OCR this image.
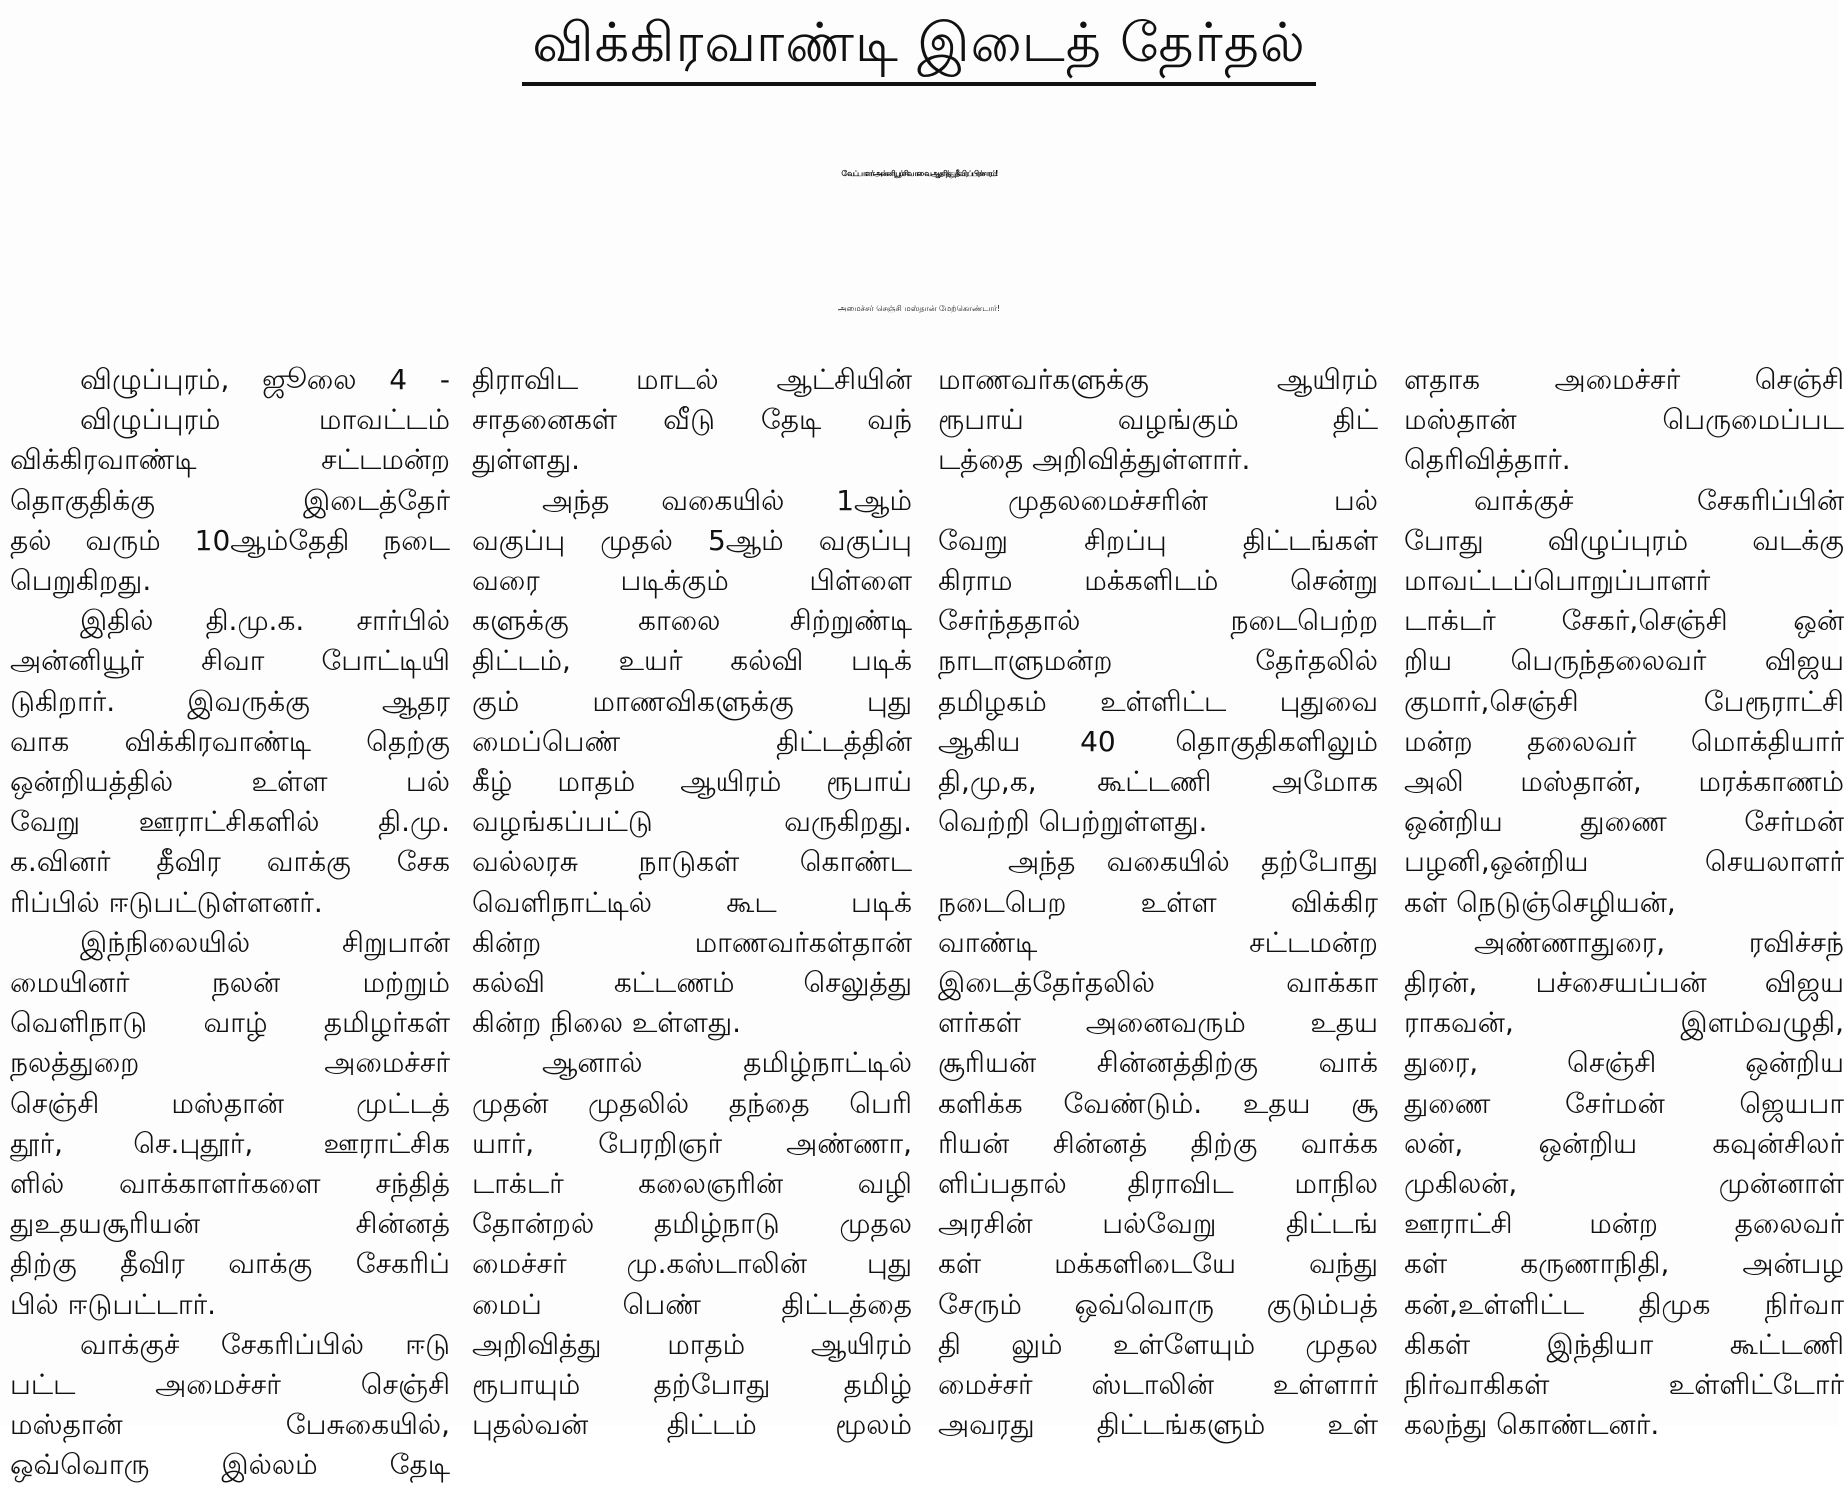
விக்கிரவாண்டி இடைத் தேர்தல்
வேட்பாளர் அன்னியூர் சிவாவை ஆதரித்து தீவிரப் பிரச்சாரம்!
அமைச்சர் செஞ்சி மஸ்தான் மேற்கொண்டார்!
விழுப்புரம், ஜூலை 4 -
விழுப்புரம் மாவட்டம்
விக்கிரவாண்டி சட்டமன்ற
தொகுதிக்கு இடைத்தேர்
தல் வரும் 10ஆம்தேதி நடை
பெறுகிறது.
இதில் தி.மு.க. சார்பில்
அன்னியூர் சிவா போட்டியி
டுகிறார். இவருக்கு ஆதர
வாக விக்கிரவாண்டி தெற்கு
ஒன்றியத்தில் உள்ள பல்
வேறு ஊராட்சிகளில் தி.மு.
க.வினர் தீவிர வாக்கு சேக
ரிப்பில் ஈடுபட்டுள்ளனர்.
இந்நிலையில் சிறுபான்
மையினர் நலன் மற்றும்
வெளிநாடு வாழ் தமிழர்கள்
நலத்துறை அமைச்சர்
செஞ்சி மஸ்தான் முட்டத்
தூர், செ.புதூர், ஊராட்சிக
ளில் வாக்காளர்களை சந்தித்
துஉதயசூரியன் சின்னத்
திற்கு தீவிர வாக்கு சேகரிப்
பில் ஈடுபட்டார்.
வாக்குச் சேகரிப்பில் ஈடு
பட்ட அமைச்சர் செஞ்சி
மஸ்தான் பேசுகையில்,
ஒவ்வொரு இல்லம் தேடி
திராவிட மாடல் ஆட்சியின்
சாதனைகள் வீடு தேடி வந்
துள்ளது.
அந்த வகையில் 1ஆம்
வகுப்பு முதல் 5ஆம் வகுப்பு
வரை படிக்கும் பிள்ளை
களுக்கு காலை சிற்றுண்டி
திட்டம், உயர் கல்வி படிக்
கும் மாணவிகளுக்கு புது
மைப்பெண் திட்டத்தின்
கீழ் மாதம் ஆயிரம் ரூபாய்
வழங்கப்பட்டு வருகிறது.
வல்லரசு நாடுகள் கொண்ட
வெளிநாட்டில் கூட படிக்
கின்ற மாணவர்கள்தான்
கல்வி கட்டணம் செலுத்து
கின்ற நிலை உள்ளது.
ஆனால் தமிழ்நாட்டில்
முதன் முதலில் தந்தை பெரி
யார், பேரறிஞர் அண்ணா,
டாக்டர் கலைஞரின் வழி
தோன்றல் தமிழ்நாடு முதல
மைச்சர் மு.கஸ்டாலின் புது
மைப் பெண் திட்டத்தை
அறிவித்து மாதம் ஆயிரம்
ரூபாயும் தற்போது தமிழ்
புதல்வன் திட்டம் மூலம்
மாணவர்களுக்கு ஆயிரம்
ரூபாய் வழங்கும் திட்
டத்தை அறிவித்துள்ளார்.
முதலமைச்சரின் பல்
வேறு சிறப்பு திட்டங்கள்
கிராம மக்களிடம் சென்று
சேர்ந்ததால் நடைபெற்ற
நாடாளுமன்ற தேர்தலில்
தமிழகம் உள்ளிட்ட புதுவை
ஆகிய 40 தொகுதிகளிலும்
தி,மு,க, கூட்டணி அமோக
வெற்றி பெற்றுள்ளது.
அந்த வகையில் தற்போது
நடைபெற உள்ள விக்கிர
வாண்டி சட்டமன்ற
இடைத்தேர்தலில் வாக்கா
ளர்கள் அனைவரும் உதய
சூரியன் சின்னத்திற்கு வாக்
களிக்க வேண்டும். உதய சூ
ரியன் சின்னத் திற்கு வாக்க
ளிப்பதால் திராவிட மாநில
அரசின் பல்வேறு திட்டங்
கள் மக்களிடையே வந்து
சேரும் ஒவ்வொரு குடும்பத்
தி லும் உள்ளேயும் முதல
மைச்சர் ஸ்டாலின் உள்ளார்
அவரது திட்டங்களும் உள்
ளதாக அமைச்சர் செஞ்சி
மஸ்தான் பெருமைப்பட
தெரிவித்தார்.
வாக்குச் சேகரிப்பின்
போது விழுப்புரம் வடக்கு
மாவட்டப்பொறுப்பாளர்
டாக்டர் சேகர்,செஞ்சி ஒன்
றிய பெருந்தலைவர் விஜய
குமார்,செஞ்சி பேரூராட்சி
மன்ற தலைவர் மொக்தியார்
அலி மஸ்தான், மரக்காணம்
ஒன்றிய துணை சேர்மன்
பழனி,ஒன்றிய செயலாளர்
கள் நெடுஞ்செழியன்,
அண்ணாதுரை, ரவிச்சந்
திரன், பச்சையப்பன் விஜய
ராகவன், இளம்வழுதி,
துரை, செஞ்சி ஒன்றிய
துணை சேர்மன் ஜெயபா
லன், ஒன்றிய கவுன்சிலர்
முகிலன், முன்னாள்
ஊராட்சி மன்ற தலைவர்
கள் கருணாநிதி, அன்பழ
கன்,உள்ளிட்ட திமுக நிர்வா
கிகள் இந்தியா கூட்டணி
நிர்வாகிகள் உள்ளிட்டோர்
கலந்து கொண்டனர்.
